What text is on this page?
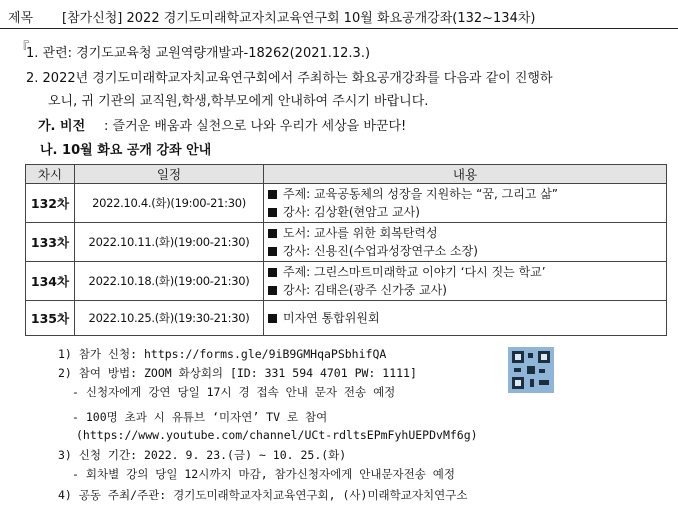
제목 [참가신청] 2022 경기도미래학교자치교육연구회 10월 화요공개강좌(132~134차)
『
1. 관련: 경기도교육청 교원역량개발과-18262(2021.12.3.)
2. 2022년 경기도미래학교자치교육연구회에서 주최하는 화요공개강좌를 다음과 같이 진행하
오니, 귀 기관의 교직원,학생,학부모에게 안내하여 주시기 바랍니다.
가. 비전 : 즐거운 배움과 실천으로 나와 우리가 세상을 바꾼다!
나. 10월 화요 공개 강좌 안내
차시	일정	내용
132차	2022.10.4.(화)(19:00-21:30)	주제: 교육공동체의 성장을 지원하는 “꿈, 그리고 삶”
강사: 김상환(현암고 교사)

133차	2022.10.11.(화)(19:00-21:30)	도서: 교사를 위한 회복탄력성
강사: 신용진(수업과성장연구소 소장)

134차	2022.10.18.(화)(19:00-21:30)	주제: 그린스마트미래학교 이야기 ‘다시 짓는 학교’
강사: 김태은(광주 신가중 교사)

135차	2022.10.25.(화)(19:30-21:30)	미자연 통합위원회
1) 참가 신청: https://forms.gle/9iB9GMHqaPSbhifQA
2) 참여 방법: ZOOM 화상회의 [ID: 331 594 4701 PW: 1111]
- 신청자에게 강연 당일 17시 경 접속 안내 문자 전송 예정
- 100명 초과 시 유튜브 ‘미자연’ TV 로 참여
(https://www.youtube.com/channel/UCt-rdltsEPmFyhUEPDvMf6g)
3) 신청 기간: 2022. 9. 23.(금) ~ 10. 25.(화)
- 회차별 강의 당일 12시까지 마감, 참가신청자에게 안내문자전송 예정
4) 공동 주최/주관: 경기도미래학교자치교육연구회, (사)미래학교자치연구소
